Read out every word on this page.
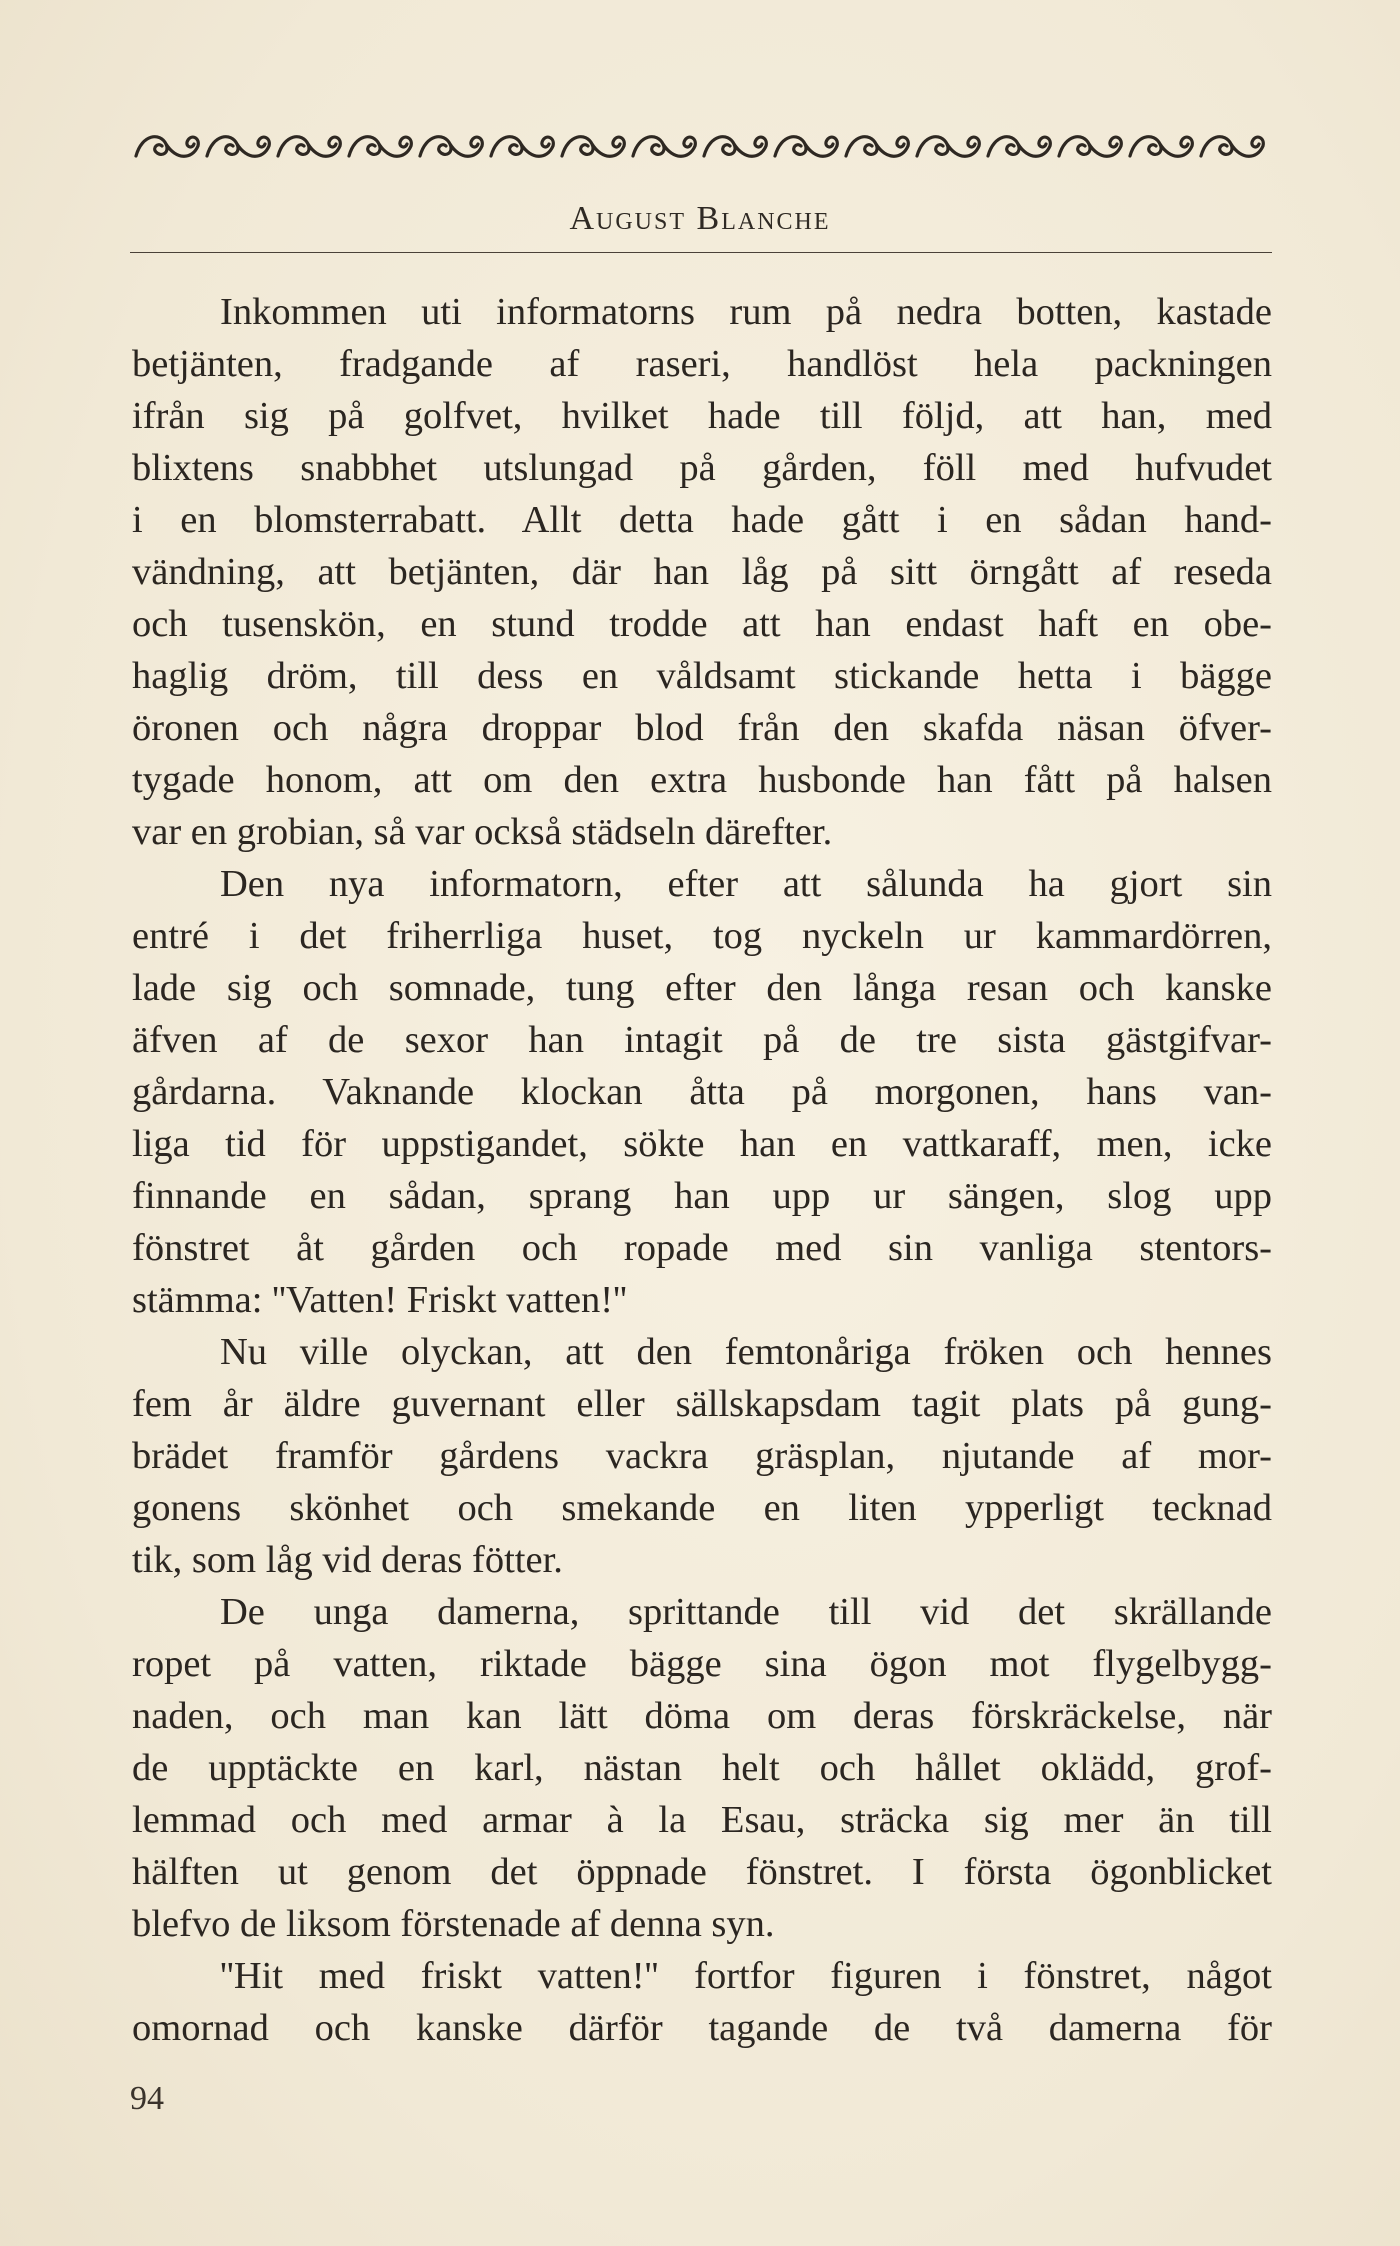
August Blanche
Inkommen uti informatorns rum på nedra botten, kastade
betjänten, fradgande af raseri, handlöst hela packningen
ifrån sig på golfvet, hvilket hade till följd, att han, med
blixtens snabbhet utslungad på gården, föll med hufvudet
i en blomsterrabatt. Allt detta hade gått i en sådan hand-
vändning, att betjänten, där han låg på sitt örngått af reseda
och tusenskön, en stund trodde att han endast haft en obe-
haglig dröm, till dess en våldsamt stickande hetta i bägge
öronen och några droppar blod från den skafda näsan öfver-
tygade honom, att om den extra husbonde han fått på halsen
var en grobian, så var också städseln därefter.
Den nya informatorn, efter att sålunda ha gjort sin
entré i det friherrliga huset, tog nyckeln ur kammardörren,
lade sig och somnade, tung efter den långa resan och kanske
äfven af de sexor han intagit på de tre sista gästgifvar-
gårdarna. Vaknande klockan åtta på morgonen, hans van-
liga tid för uppstigandet, sökte han en vattkaraff, men, icke
finnande en sådan, sprang han upp ur sängen, slog upp
fönstret åt gården och ropade med sin vanliga stentors-
stämma: ''Vatten! Friskt vatten!''
Nu ville olyckan, att den femtonåriga fröken och hennes
fem år äldre guvernant eller sällskapsdam tagit plats på gung-
brädet framför gårdens vackra gräsplan, njutande af mor-
gonens skönhet och smekande en liten ypperligt tecknad
tik, som låg vid deras fötter.
De unga damerna, sprittande till vid det skrällande
ropet på vatten, riktade bägge sina ögon mot flygelbygg-
naden, och man kan lätt döma om deras förskräckelse, när
de upptäckte en karl, nästan helt och hållet oklädd, grof-
lemmad och med armar à la Esau, sträcka sig mer än till
hälften ut genom det öppnade fönstret. I första ögonblicket
blefvo de liksom förstenade af denna syn.
''Hit med friskt vatten!'' fortfor figuren i fönstret, något
omornad och kanske därför tagande de två damerna för
94
